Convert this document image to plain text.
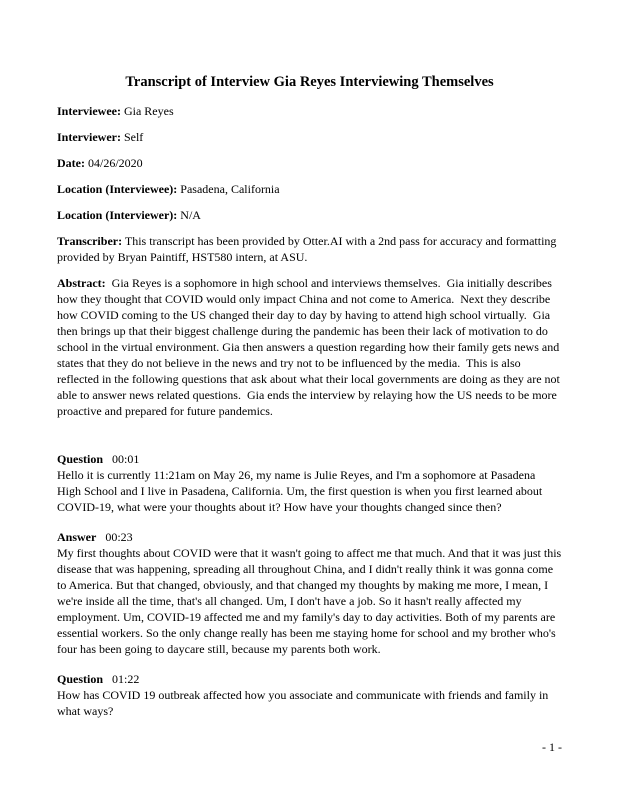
Transcript of Interview Gia Reyes Interviewing Themselves

Interviewee: Gia Reyes

Interviewer: Self

Date: 04/26/2020

Location (Interviewee): Pasadena, California

Location (Interviewer): N/A

Transcriber: This transcript has been provided by Otter.AI with a 2nd pass for accuracy and formatting provided by Bryan Paintiff, HST580 intern, at ASU.

Abstract:  Gia Reyes is a sophomore in high school and interviews themselves.  Gia initially describes how they thought that COVID would only impact China and not come to America.  Next they describe how COVID coming to the US changed their day to day by having to attend high school virtually.  Gia then brings up that their biggest challenge during the pandemic has been their lack of motivation to do school in the virtual environment. Gia then answers a question regarding how their family gets news and states that they do not believe in the news and try not to be influenced by the media.  This is also reflected in the following questions that ask about what their local governments are doing as they are not able to answer news related questions.  Gia ends the interview by relaying how the US needs to be more proactive and prepared for future pandemics.

Question 00:01

Hello it is currently 11:21am on May 26, my name is Julie Reyes, and I'm a sophomore at Pasadena High School and I live in Pasadena, California. Um, the first question is when you first learned about COVID-19, what were your thoughts about it? How have your thoughts changed since then?

Answer 00:23

My first thoughts about COVID were that it wasn't going to affect me that much. And that it was just this disease that was happening, spreading all throughout China, and I didn't really think it was gonna come to America. But that changed, obviously, and that changed my thoughts by making me more, I mean, I we're inside all the time, that's all changed. Um, I don't have a job. So it hasn't really affected my employment. Um, COVID-19 affected me and my family's day to day activities. Both of my parents are essential workers. So the only change really has been me staying home for school and my brother who's four has been going to daycare still, because my parents both work.

Question 01:22

How has COVID 19 outbreak affected how you associate and communicate with friends and family in what ways?

- 1 -
